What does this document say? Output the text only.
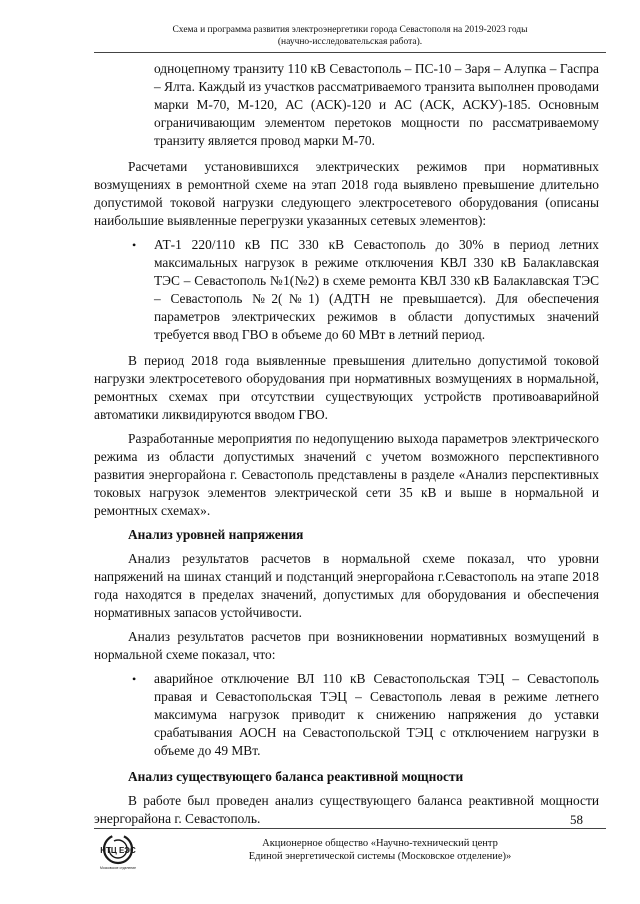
Схема и программа развития электроэнергетики города Севастополя на 2019-2023 годы
(научно-исследовательская работа).

одноцепному транзиту 110 кВ Севастополь – ПС-10 – Заря – Алупка – Гаспра – Ялта. Каждый из участков рассматриваемого транзита выполнен проводами марки М-70, М-120, АС (АСК)-120 и АС (АСК, АСКУ)-185. Основным ограничивающим элементом перетоков мощности по рассматриваемому транзиту является провод марки М-70.

Расчетами установившихся электрических режимов при нормативных возмущениях в ремонтной схеме на этап 2018 года выявлено превышение длительно допустимой токовой нагрузки следующего электросетевого оборудования (описаны наибольшие выявленные перегрузки указанных сетевых элементов):

• АТ-1 220/110 кВ ПС 330 кВ Севастополь до 30% в период летних максимальных нагрузок в режиме отключения КВЛ 330 кВ Балаклавская ТЭС – Севастополь №1(№2) в схеме ремонта КВЛ 330 кВ Балаклавская ТЭС – Севастополь №2(№1) (АДТН не превышается). Для обеспечения параметров электрических режимов в области допустимых значений требуется ввод ГВО в объеме до 60 МВт в летний период.

В период 2018 года выявленные превышения длительно допустимой токовой нагрузки электросетевого оборудования при нормативных возмущениях в нормальной, ремонтных схемах при отсутствии существующих устройств противоаварийной автоматики ликвидируются вводом ГВО.

Разработанные мероприятия по недопущению выхода параметров электрического режима из области допустимых значений с учетом возможного перспективного развития энергорайона г. Севастополь представлены в разделе «Анализ перспективных токовых нагрузок элементов электрической сети 35 кВ и выше в нормальной и ремонтных схемах».

Анализ уровней напряжения

Анализ результатов расчетов в нормальной схеме показал, что уровни напряжений на шинах станций и подстанций энергорайона г.Севастополь на этапе 2018 года находятся в пределах значений, допустимых для оборудования и обеспечения нормативных запасов устойчивости.

Анализ результатов расчетов при возникновении нормативных возмущений в нормальной схеме показал, что:

• аварийное отключение ВЛ 110 кВ Севастопольская ТЭЦ – Севастополь правая и Севастопольская ТЭЦ – Севастополь левая в режиме летнего максимума нагрузок приводит к снижению напряжения до уставки срабатывания АОСН на Севастопольской ТЭЦ с отключением нагрузки в объеме до 49 МВт.
Анализ существующего баланса реактивной мощности

В работе был проведен анализ существующего баланса реактивной мощности энергорайона г. Севастополь.	58
НТЦ ЕЭС
Московское отделение
Акционерное общество «Научно-технический центр
Единой энергетической системы (Московское отделение)»
